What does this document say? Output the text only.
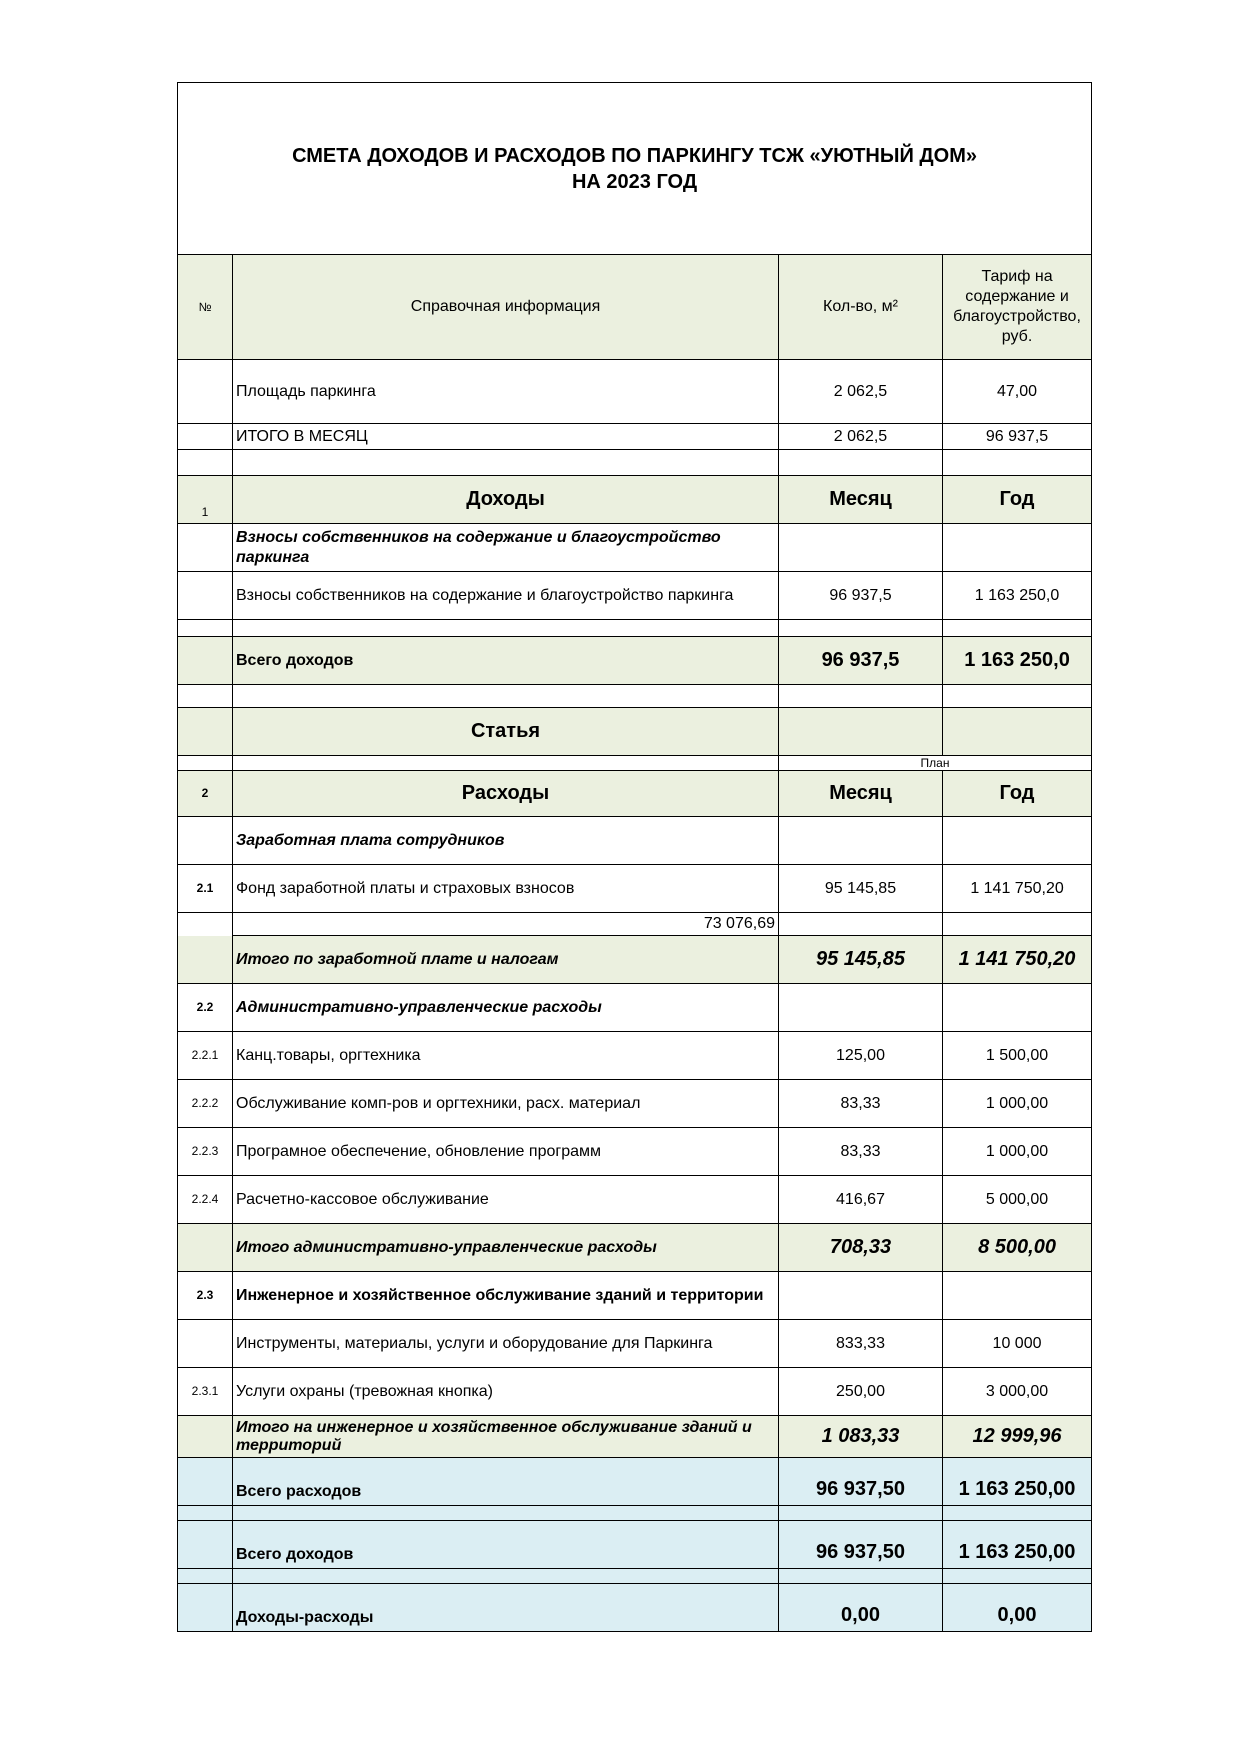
СМЕТА ДОХОДОВ И РАСХОДОВ ПО ПАРКИНГУ ТСЖ «УЮТНЫЙ ДОМ»
НА 2023 ГОД			

№	Справочная информация	Кол-во, м²	Тариф на содержание и благоустройство, руб.
	Площадь паркинга	2 062,5	47,00
	ИТОГО В МЕСЯЦ	2 062,5	96 937,5

1	Доходы	Месяц	Год
	Взносы собственников на содержание и благоустройство паркинга		
	Взносы собственников на содержание и благоустройство паркинга	96 937,5	1 163 250,0

	Всего доходов	96 937,5	1 163 250,0

	Статья		
		План	
2	Расходы	Месяц	Год
	Заработная плата сотрудников		
2.1	Фонд заработной платы и страховых взносов	95 145,85	1 141 750,20
	73 076,69		
	Итого по заработной плате и налогам	95 145,85	1 141 750,20
2.2	Административно-управленческие расходы		
2.2.1	Канц.товары, оргтехника	125,00	1 500,00
2.2.2	Обслуживание комп-ров и оргтехники, расх. материал	83,33	1 000,00
2.2.3	Програмное обеспечение, обновление программ	83,33	1 000,00
2.2.4	Расчетно-кассовое обслуживание	416,67	5 000,00
	Итого административно-управленческие расходы	708,33	8 500,00
2.3	Инженерное и хозяйственное обслуживание зданий и территории		
	Инструменты, материалы, услуги и оборудование для Паркинга	833,33	10 000
2.3.1	Услуги охраны (тревожная кнопка)	250,00	3 000,00
	Итого на инженерное и хозяйственное обслуживание зданий и территорий	1 083,33	12 999,96
	Всего расходов	96 937,50	1 163 250,00

	Всего доходов	96 937,50	1 163 250,00

	Доходы-расходы	0,00	0,00
